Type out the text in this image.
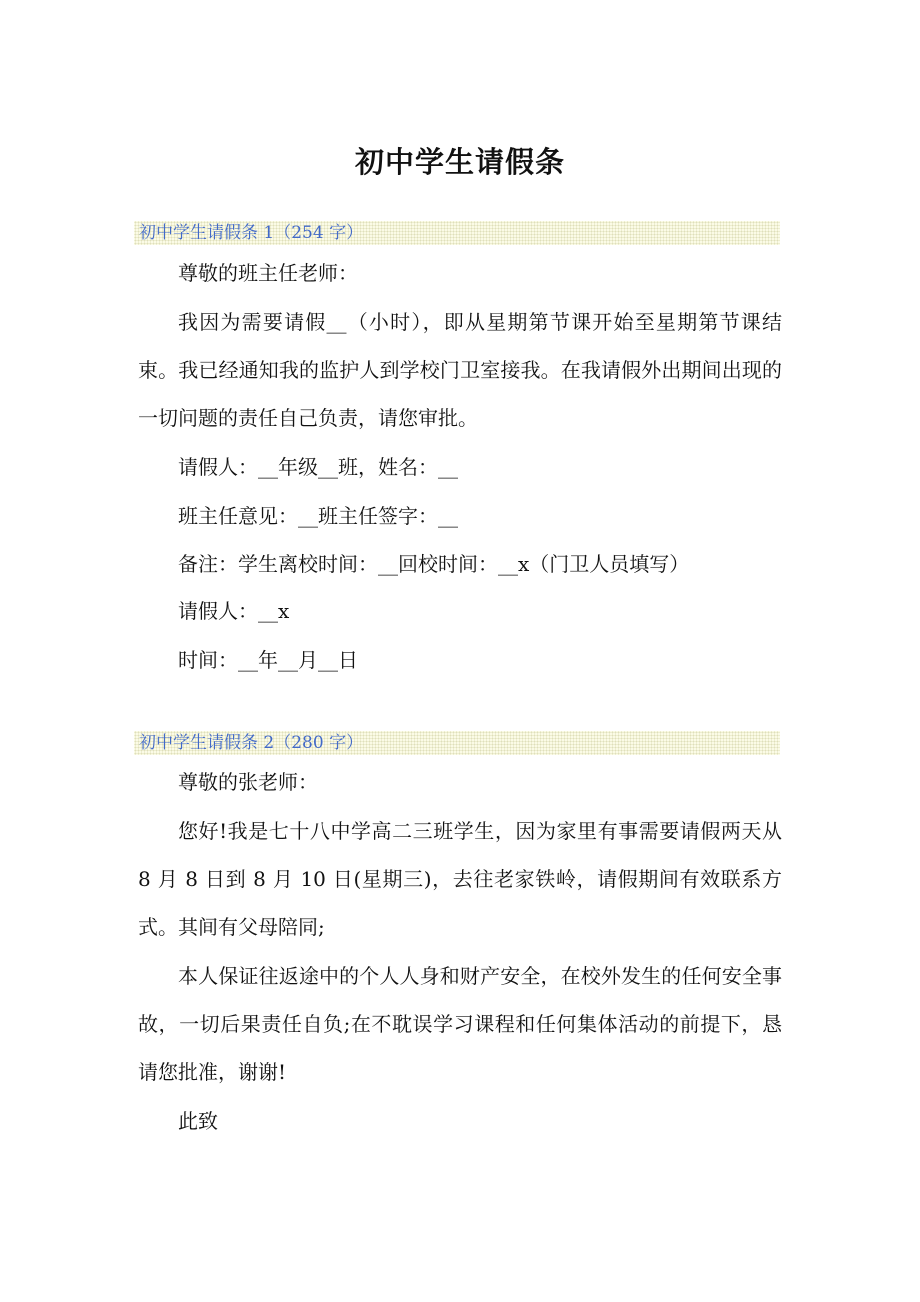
初中学生请假条
初中学生请假条 1（254 字）

尊敬的班主任老师：

我因为需要请假__（小时），即从星期第节课开始至星期第节课结束。我已经通知我的监护人到学校门卫室接我。在我请假外出期间出现的一切问题的责任自己负责，请您审批。

请假人：__年级__班，姓名：__

班主任意见：__班主任签字：__

备注：学生离校时间：__回校时间：__x（门卫人员填写）

请假人：__x

时间：__年__月__日

初中学生请假条 2（280 字）

尊敬的张老师：

您好!我是七十八中学高二三班学生，因为家里有事需要请假两天从 8 月 8 日到 8 月 10 日(星期三)，去往老家铁岭，请假期间有效联系方式。其间有父母陪同;

本人保证往返途中的个人人身和财产安全，在校外发生的任何安全事故，一切后果责任自负;在不耽误学习课程和任何集体活动的前提下，恳请您批准，谢谢!

此致
